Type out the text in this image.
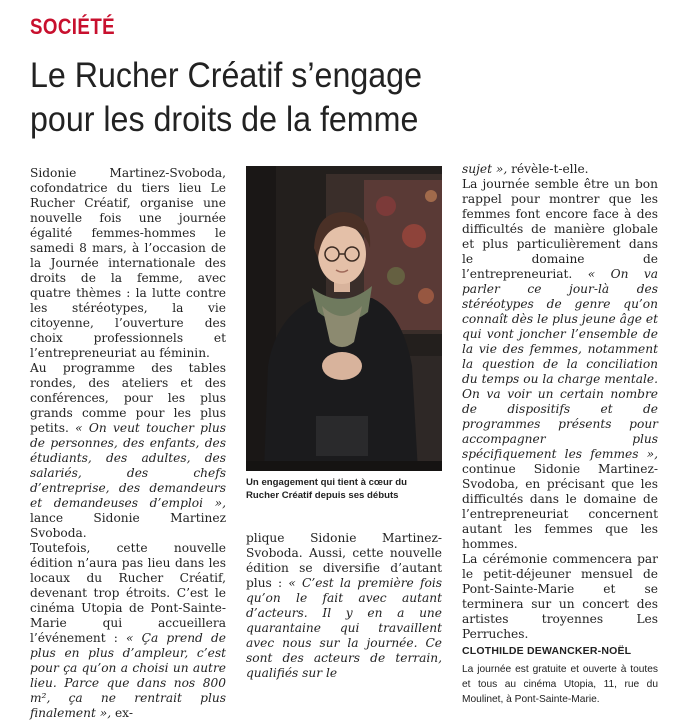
SOCIÉTÉ
Le Rucher Créatif s’engage
pour les droits de la femme

Sidonie Martinez-Svoboda, cofondatrice du tiers lieu Le Rucher Créatif, organise une nouvelle fois une journée égalité femmes-hommes le samedi 8 mars, à l’occasion de la Journée internationale des droits de la femme, avec quatre thèmes : la lutte contre les stéréotypes, la vie citoyenne, l’ouverture des choix professionnels et l’entrepreneuriat au féminin.

Au programme des tables rondes, des ateliers et des conférences, pour les plus grands comme pour les plus petits. « On veut toucher plus de personnes, des enfants, des étudiants, des adultes, des salariés, des chefs d’entreprise, des demandeurs et demandeuses d’emploi », lance Sidonie Martinez Svoboda.

Toutefois, cette nouvelle édition n’aura pas lieu dans les locaux du Rucher Créatif, devenant trop étroits. C’est le cinéma Utopia de Pont-Sainte-Marie qui accueillera l’événement : « Ça prend de plus en plus d’ampleur, c’est pour ça qu’on a choisi un autre lieu. Parce que dans nos 800 m², ça ne rentrait plus finalement », ex-

Un engagement qui tient à cœur du Rucher Créatif depuis ses débuts

plique Sidonie Martinez-Svoboda. Aussi, cette nouvelle édition se diversifie d’autant plus : « C’est la première fois qu’on le fait avec autant d’acteurs. Il y en a une quarantaine qui travaillent avec nous sur la journée. Ce sont des acteurs de terrain, qualifiés sur le

sujet », révèle-t-elle.

La journée semble être un bon rappel pour montrer que les femmes font encore face à des difficultés de manière globale et plus particulièrement dans le domaine de l’entrepreneuriat. « On va parler ce jour-là des stéréotypes de genre qu’on connaît dès le plus jeune âge et qui vont joncher l’ensemble de la vie des femmes, notamment la question de la conciliation du temps ou la charge mentale. On va voir un certain nombre de dispositifs et de programmes présents pour accompagner plus spécifiquement les femmes », continue Sidonie Martinez-Svodoba, en précisant que les difficultés dans le domaine de l’entrepreneuriat concernent autant les femmes que les hommes.

La cérémonie commencera par le petit-déjeuner mensuel de Pont-Sainte-Marie et se terminera sur un concert des artistes troyennes Les Perruches.

CLOTHILDE DEWANCKER-NOËL

La journée est gratuite et ouverte à toutes et tous au cinéma Utopia, 11, rue du Moulinet, à Pont-Sainte-Marie.
